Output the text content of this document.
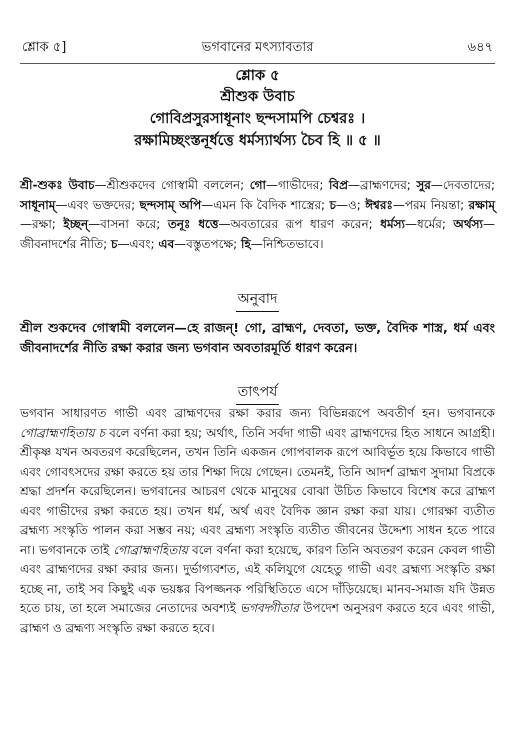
শ্লোক ৫]	ভগবানের মৎস্যাবতার	৬৪৭
শ্লোক ৫
শ্রীশুক উবাচ
গোবিপ্রসুরসাধূনাং ছন্দসামপি চেশ্বরঃ ।
রক্ষামিচ্ছংস্তনূর্ধত্তে ধর্মস্যার্থস্য চৈব হি ॥ ৫ ॥
শ্রী-শুকঃ উবাচ—শ্রীশুকদেব গোস্বামী বললেন; গো—গাভীদের; বিপ্র—ব্রাহ্মণদের; সুর—দেবতাদের; সাধূনাম্—এবং ভক্তদের; ছন্দসাম্ অপি—এমন কি বৈদিক শাস্ত্রের; চ—ও; ঈশ্বরঃ—পরম নিয়ন্তা; রক্ষাম্—রক্ষা; ইচ্ছন্—বাসনা করে; তনূঃ ধত্তে—অবতারের রূপ ধারণ করেন; ধর্মস্য—ধর্মের; অর্থস্য—জীবনাদর্শের নীতি; চ—এবং; এব—বস্তুতপক্ষে; হি—নিশ্চিতভাবে।
অনুবাদ
শ্রীল শুকদেব গোস্বামী বললেন—হে রাজন্! গো, ব্রাহ্মণ, দেবতা, ভক্ত, বৈদিক শাস্ত্র, ধর্ম এবং জীবনাদর্শের নীতি রক্ষা করার জন্য ভগবান অবতারমূর্তি ধারণ করেন।
তাৎপর্য
ভগবান সাধারণত গাভী এবং ব্রাহ্মণদের রক্ষা করার জন্য বিভিন্নরূপে অবতীর্ণ হন। ভগবানকে গোব্রাহ্মণহিতায় চ বলে বর্ণনা করা হয়; অর্থাৎ, তিনি সর্বদা গাভী এবং ব্রাহ্মণদের হিত সাধনে আগ্রহী। শ্রীকৃষ্ণ যখন অবতরণ করেছিলেন, তখন তিনি একজন গোপবালক রূপে আবির্ভূত হয়ে কিভাবে গাভী এবং গোবৎসদের রক্ষা করতে হয় তার শিক্ষা দিয়ে গেছেন। তেমনই, তিনি আদর্শ ব্রাহ্মণ সুদামা বিপ্রকে শ্রদ্ধা প্রদর্শন করেছিলেন। ভগবানের আচরণ থেকে মানুষের বোঝা উচিত কিভাবে বিশেষ করে ব্রাহ্মণ এবং গাভীদের রক্ষা করতে হয়। তখন ধর্ম, অর্থ এবং বৈদিক জ্ঞান রক্ষা করা যায়। গোরক্ষা ব্যতীত ব্রহ্মণ্য সংস্কৃতি পালন করা সম্ভব নয়; এবং ব্রহ্মণ্য সংস্কৃতি ব্যতীত জীবনের উদ্দেশ্য সাধন হতে পারে না। ভগবানকে তাই গোব্রাহ্মণহিতায় বলে বর্ণনা করা হয়েছে, কারণ তিনি অবতরণ করেন কেবল গাভী এবং ব্রাহ্মণদের রক্ষা করার জন্য। দুর্ভাগ্যবশত, এই কলিযুগে যেহেতু গাভী এবং ব্রহ্মণ্য সংস্কৃতি রক্ষা হচ্ছে না, তাই সব কিছুই এক ভয়ঙ্কর বিপজ্জনক পরিস্থিতিতে এসে দাঁড়িয়েছে। মানব-সমাজ যদি উন্নত হতে চায়, তা হলে সমাজের নেতাদের অবশ্যই ভগবদ্গীতার উপদেশ অনুসরণ করতে হবে এবং গাভী, ব্রাহ্মণ ও ব্রহ্মণ্য সংস্কৃতি রক্ষা করতে হবে।
